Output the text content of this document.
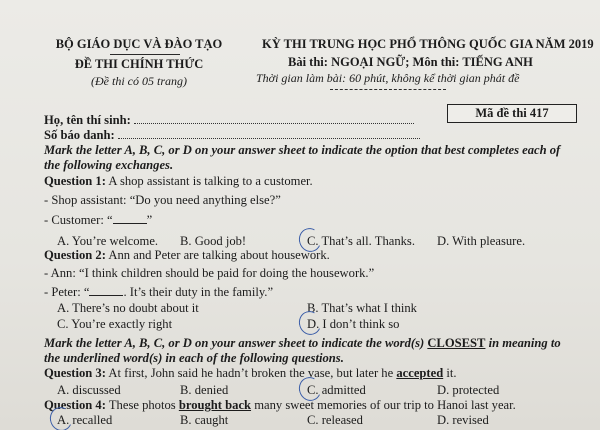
BỘ GIÁO DỤC VÀ ĐÀO TẠO
ĐỀ THI CHÍNH THỨC
(Đề thi có 05 trang)
KỲ THI TRUNG HỌC PHỔ THÔNG QUỐC GIA NĂM 2019
Bài thi: NGOẠI NGỮ; Môn thi: TIẾNG ANH
Thời gian làm bài: 60 phút, không kể thời gian phát đề
Họ, tên thí sinh:
Số báo danh:
Mã đề thi 417
Mark the letter A, B, C, or D on your answer sheet to indicate the option that best completes each of
the following exchanges.
Question 1: A shop assistant is talking to a customer.
- Shop assistant: “Do you need anything else?”
- Customer: “	”
A. You’re welcome. B. Good job!	C. That’s all. Thanks. D. With pleasure.
Question 2: Ann and Peter are talking about housework.
- Ann: “I think children should be paid for doing the housework.”
- Peter: “	. It’s their duty in the family.”
A. There’s no doubt about it	B. That’s what I think
C. You’re exactly right	D. I don’t think so
Mark the letter A, B, C, or D on your answer sheet to indicate the word(s) CLOSEST in meaning to
the underlined word(s) in each of the following questions.
Question 3: At first, John said he hadn’t broken the vase, but later he accepted it.
A. discussed	B. denied	C. admitted	D. protected
Question 4: These photos brought back many sweet memories of our trip to Hanoi last year.
A. recalled	B. caught	C. released	D. revised
